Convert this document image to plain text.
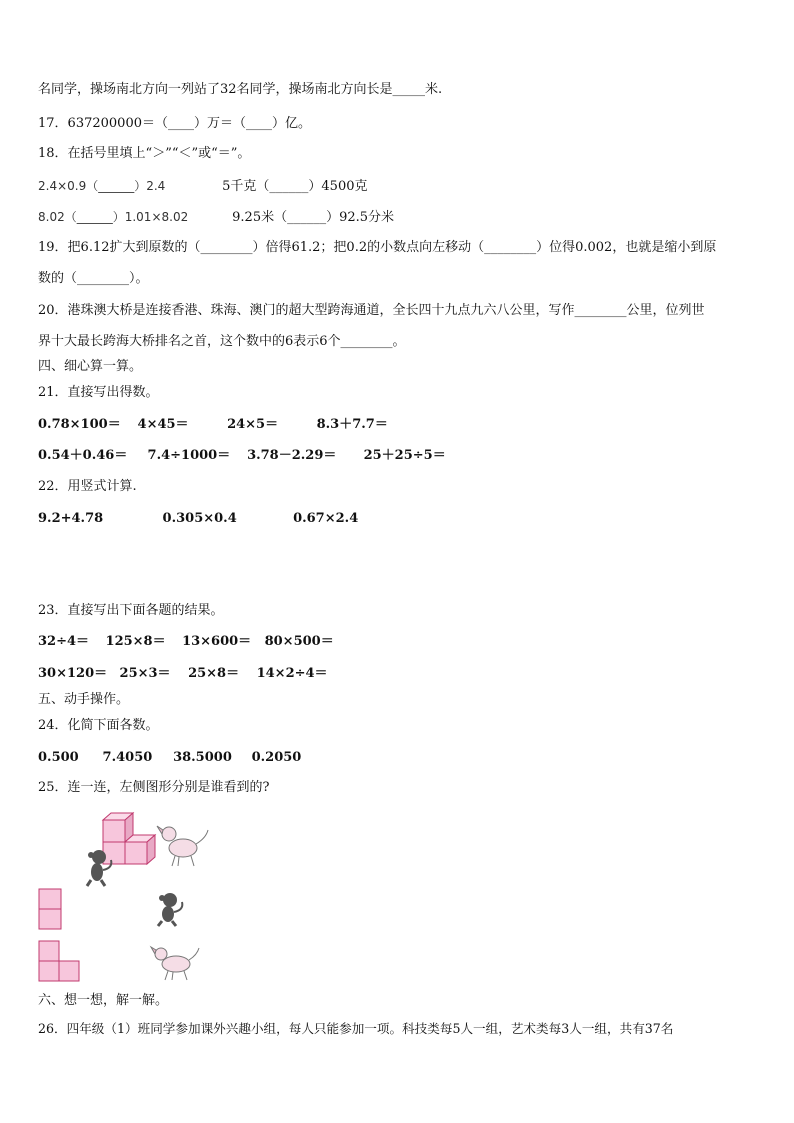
名同学，操场南北方向一列站了32名同学，操场南北方向长是_____米.
17．637200000＝（____）万＝（____）亿。
18．在括号里填上“＞”“＜”或“＝”。
2.4×0.9（______）2.4	5千克（______）4500克
8.02（______）1.01×8.02	9.25米（______）92.5分米
19．把6.12扩大到原数的（________）倍得61.2；把0.2的小数点向左移动（________）位得0.002，也就是缩小到原
数的（________）。
20．港珠澳大桥是连接香港、珠海、澳门的超大型跨海通道，全长四十九点九六八公里，写作________公里，位列世
界十大最长跨海大桥排名之首，这个数中的6表示6个________。
四、细心算一算。
21．直接写出得数。
0.78×100＝ 4×45＝	24×5＝	8.3＋7.7＝
0.54＋0.46＝ 7.4÷1000＝ 3.78－2.29＝ 25＋25÷5＝
22．用竖式计算.
9.2+4.78	0.305×0.4	0.67×2.4
23．直接写出下面各题的结果。
32÷4＝ 125×8＝ 13×600＝ 80×500＝
30×120＝ 25×3＝ 25×8＝ 14×2÷4＝
五、动手操作。
24．化简下面各数。
0.500 7.4050 38.5000 0.2050
25．连一连，左侧图形分别是谁看到的?
六、想一想，解一解。
26．四年级（1）班同学参加课外兴趣小组，每人只能参加一项。科技类每5人一组，艺术类每3人一组，共有37名
